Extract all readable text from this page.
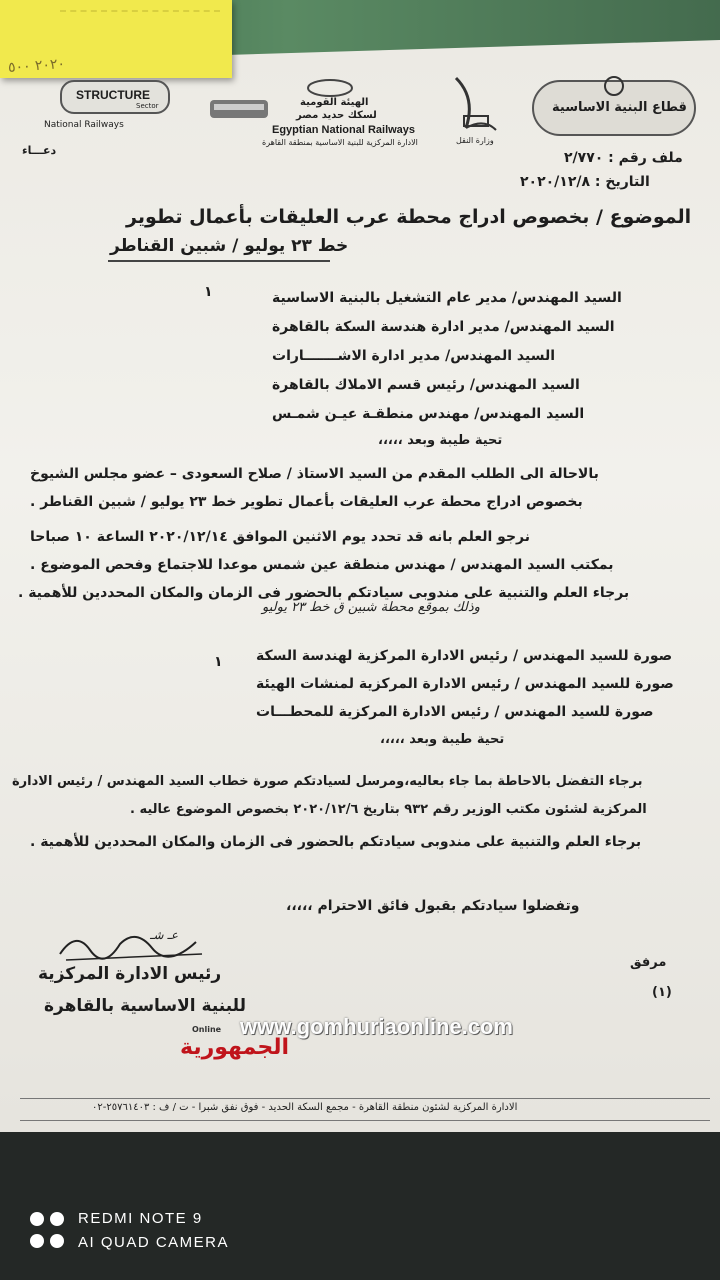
٢٠٢٠ ٥٠٠
STRUCTURE
Sector
National Railways
دعـــاء
الهيئة القومية
لسكك حديد مصر
Egyptian National Railways
الادارة المركزية للبنية الاساسية بمنطقة القاهرة	وزارة النقل
قطاع البنية الاساسية
ملف رقم : ٢/٧٧٠
التاريخ : ٢٠٢٠/١٢/٨
الموضوع / بخصوص ادراج محطة عرب العليقات بأعمال تطوير
خط ٢٣ يوليو / شبين القناطر
١	السيد المهندس/ مدير عام التشغيل بالبنية الاساسية
السيد المهندس/ مدير ادارة هندسة السكة بالقاهرة
السيد المهندس/ مدير ادارة الاشـــــــارات
السيد المهندس/ رئيس قسم الاملاك بالقاهرة
السيد المهندس/ مهندس منطقـة عيـن شمـس
تحية طيبة وبعد ،،،،،
بالاحالة الى الطلب المقدم من السيد الاستاذ / صلاح السعودى – عضو مجلس الشيوخ
بخصوص ادراج محطة عرب العليقات بأعمال تطوير خط ٢٣ يوليو / شبين القناطر .
نرجو العلم بانه قد تحدد يوم الاثنين الموافق ٢٠٢٠/١٢/١٤ الساعة ١٠ صباحا
بمكتب السيد المهندس / مهندس منطقة عين شمس موعدا للاجتماع وفحص الموضوع .
برجاء العلم والتنبية على مندوبى سيادتكم بالحضور فى الزمان والمكان المحددين للأهمية .
وذلك بموقع محطة شبين ق خط ٢٣ يوليو
١ صورة للسيد المهندس / رئيس الادارة المركزية لهندسة السكة
صورة للسيد المهندس / رئيس الادارة المركزية لمنشات الهيئة
صورة للسيد المهندس / رئيس الادارة المركزية للمحطـــات
تحية طيبة وبعد ،،،،،
برجاء التفضل بالاحاطة بما جاء بعاليه،ومرسل لسيادتكم صورة خطاب السيد المهندس / رئيس الادارة
المركزية لشئون مكتب الوزير رقم ٩٣٢ بتاريخ ٢٠٢٠/١٢/٦ بخصوص الموضوع عاليه .
برجاء العلم والتنبية على مندوبى سيادتكم بالحضور فى الزمان والمكان المحددين للأهمية .
وتفضلوا سيادتكم بقبول فائق الاحترام ،،،،،
مرفق
(١)
عـ شـ
رئيس الادارة المركزية
للبنية الاساسية بالقاهرة
الادارة المركزية لشئون منطقة القاهرة - مجمع السكة الحديد - فوق نفق شبرا - ت / ف : ٢٥٧٦١٤٠٣-٠٢
www.gomhuriaonline.com
Online
الجمهورية
REDMI NOTE 9
AI QUAD CAMERA
